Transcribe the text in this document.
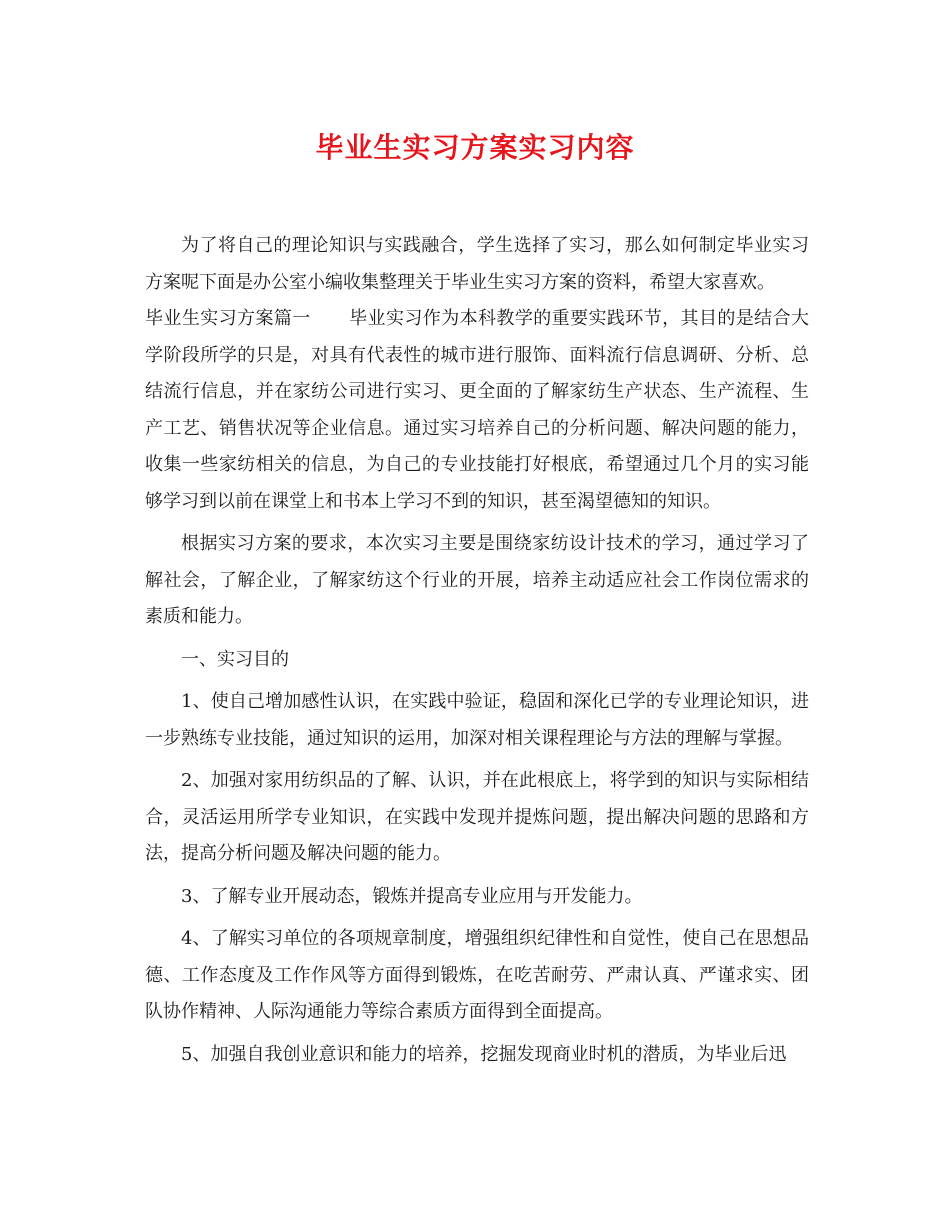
毕业生实习方案实习内容

为了将自己的理论知识与实践融合，学生选择了实习，那么如何制定毕业实习方案呢下面是办公室小编收集整理关于毕业生实习方案的资料，希望大家喜欢。

毕业生实习方案篇一 毕业实习作为本科教学的重要实践环节，其目的是结合大学阶段所学的只是，对具有代表性的城市进行服饰、面料流行信息调研、分析、总结流行信息，并在家纺公司进行实习、更全面的了解家纺生产状态、生产流程、生产工艺、销售状况等企业信息。通过实习培养自己的分析问题、解决问题的能力，收集一些家纺相关的信息，为自己的专业技能打好根底，希望通过几个月的实习能够学习到以前在课堂上和书本上学习不到的知识，甚至渴望德知的知识。

根据实习方案的要求，本次实习主要是围绕家纺设计技术的学习，通过学习了解社会，了解企业，了解家纺这个行业的开展，培养主动适应社会工作岗位需求的素质和能力。

一、实习目的

1、使自己增加感性认识，在实践中验证，稳固和深化已学的专业理论知识，进一步熟练专业技能，通过知识的运用，加深对相关课程理论与方法的理解与掌握。

2、加强对家用纺织品的了解、认识，并在此根底上，将学到的知识与实际相结合，灵活运用所学专业知识，在实践中发现并提炼问题，提出解决问题的思路和方法，提高分析问题及解决问题的能力。

3、了解专业开展动态，锻炼并提高专业应用与开发能力。

4、了解实习单位的各项规章制度，增强组织纪律性和自觉性，使自己在思想品德、工作态度及工作作风等方面得到锻炼，在吃苦耐劳、严肃认真、严谨求实、团队协作精神、人际沟通能力等综合素质方面得到全面提高。

5、加强自我创业意识和能力的培养，挖掘发现商业时机的潜质，为毕业后迅
